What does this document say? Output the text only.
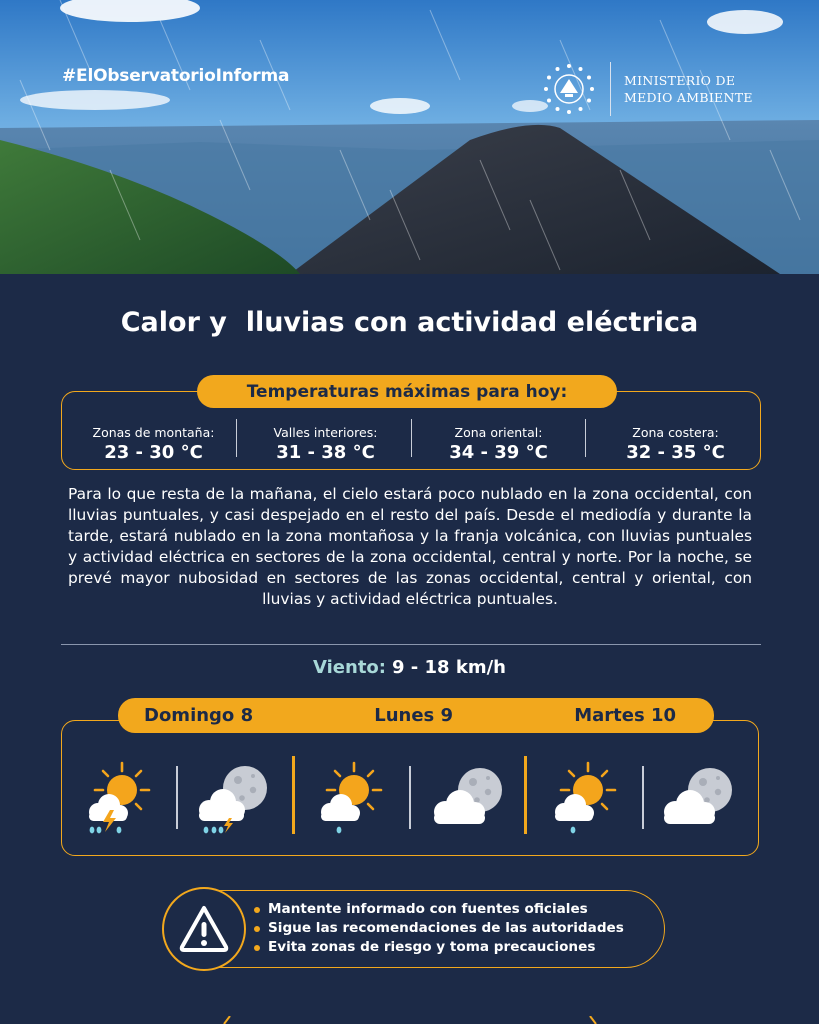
#ElObservatorioInforma	MINISTERIO DE
MEDIO AMBIENTE
Calor y  lluvias con actividad eléctrica
Temperaturas máximas para hoy:
Zonas de montaña:
23 - 30 °C
Valles interiores:
31 - 38 °C
Zona oriental:
34 - 39 °C
Zona costera:
32 - 35 °C

Para lo que resta de la mañana, el cielo estará poco nublado en la zona occidental, con lluvias puntuales, y casi despejado en el resto del país. Desde el mediodía y durante la tarde, estará nublado en la zona montañosa y la franja volcánica, con lluvias puntuales y actividad eléctrica en sectores de la zona occidental, central y norte. Por la noche, se prevé mayor nubosidad en sectores de las zonas occidental, central y oriental, con lluvias y actividad eléctrica puntuales.

Viento: 9 - 18 km/h
Domingo 8	Lunes 9	Martes 10
Mantente informado con fuentes oficiales
Sigue las recomendaciones de las autoridades
Evita zonas de riesgo y toma precauciones
